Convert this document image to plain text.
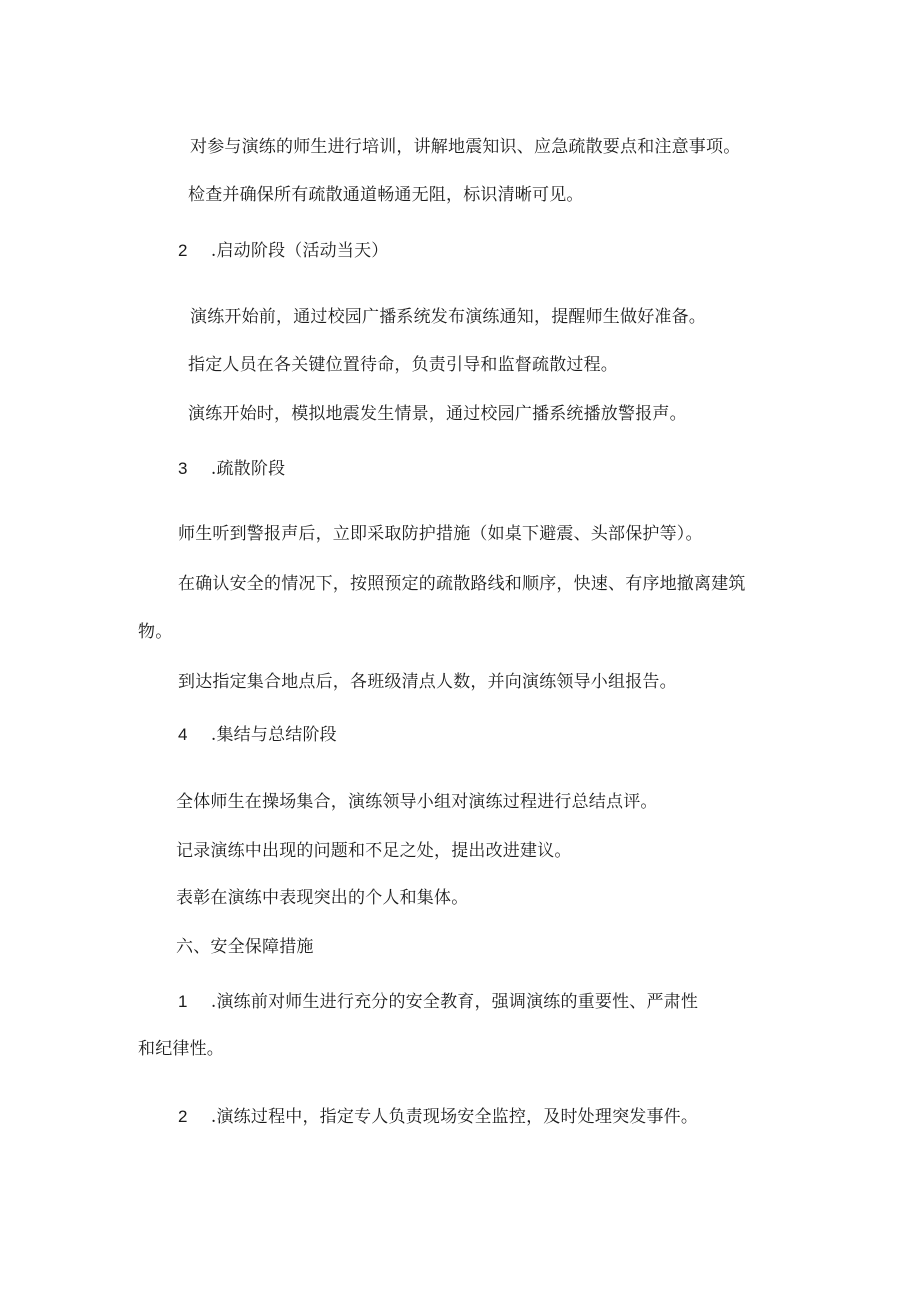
对参与演练的师生进行培训，讲解地震知识、应急疏散要点和注意事项。
检查并确保所有疏散通道畅通无阻，标识清晰可见。
2 .启动阶段（活动当天）
演练开始前，通过校园广播系统发布演练通知，提醒师生做好准备。
指定人员在各关键位置待命，负责引导和监督疏散过程。
演练开始时，模拟地震发生情景，通过校园广播系统播放警报声。
3 .疏散阶段
师生听到警报声后，立即采取防护措施（如桌下避震、头部保护等）。
在确认安全的情况下，按照预定的疏散路线和顺序，快速、有序地撤离建筑
物。
到达指定集合地点后，各班级清点人数，并向演练领导小组报告。
4 .集结与总结阶段
全体师生在操场集合，演练领导小组对演练过程进行总结点评。
记录演练中出现的问题和不足之处，提出改进建议。
表彰在演练中表现突出的个人和集体。
六、安全保障措施
1 .演练前对师生进行充分的安全教育，强调演练的重要性、严肃性
和纪律性。
2 .演练过程中，指定专人负责现场安全监控，及时处理突发事件。
